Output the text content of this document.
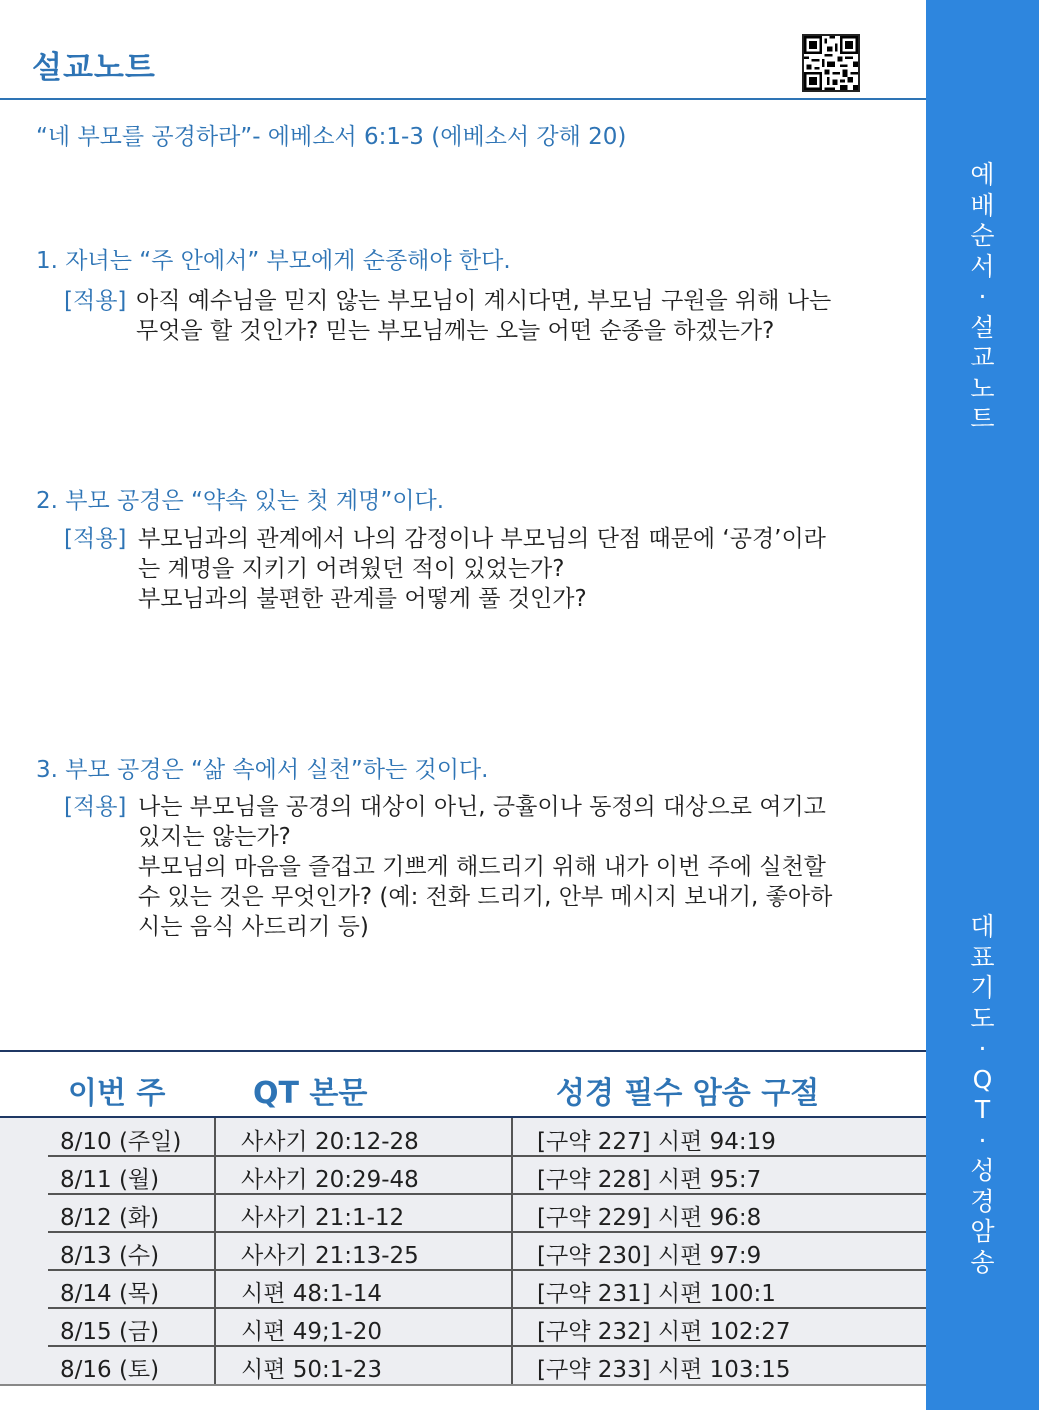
설교노트
“네 부모를 공경하라”- 에베소서 6:1-3 (에베소서 강해 20)
1. 자녀는 “주 안에서” 부모에게 순종해야 한다.
[적용] 아직 예수님을 믿지 않는 부모님이 계시다면, 부모님 구원을 위해 나는
무엇을 할 것인가? 믿는 부모님께는 오늘 어떤 순종을 하겠는가?
2. 부모 공경은 “약속 있는 첫 계명”이다.
[적용] 부모님과의 관계에서 나의 감정이나 부모님의 단점 때문에 ‘공경’이라
는 계명을 지키기 어려웠던 적이 있었는가?
부모님과의 불편한 관계를 어떻게 풀 것인가?
3. 부모 공경은 “삶 속에서 실천”하는 것이다.
[적용] 나는 부모님을 공경의 대상이 아닌, 긍휼이나 동정의 대상으로 여기고
있지는 않는가?
부모님의 마음을 즐겁고 기쁘게 해드리기 위해 내가 이번 주에 실천할
수 있는 것은 무엇인가? (예: 전화 드리기, 안부 메시지 보내기, 좋아하
시는 음식 사드리기 등)
예
배
순
서
·
설
교
노
트
대
표
기
도
·
Q
T
·
성
경
암
송
이번 주	QT 본문	성경 필수 암송 구절
8/10 (주일)	사사기 20:12-28	[구약 227] 시편 94:19
8/11 (월)	사사기 20:29-48	[구약 228] 시편 95:7
8/12 (화)	사사기 21:1-12	[구약 229] 시편 96:8
8/13 (수)	사사기 21:13-25	[구약 230] 시편 97:9
8/14 (목)	시편 48:1-14	[구약 231] 시편 100:1
8/15 (금)	시편 49;1-20	[구약 232] 시편 102:27
8/16 (토)	시편 50:1-23	[구약 233] 시편 103:15
